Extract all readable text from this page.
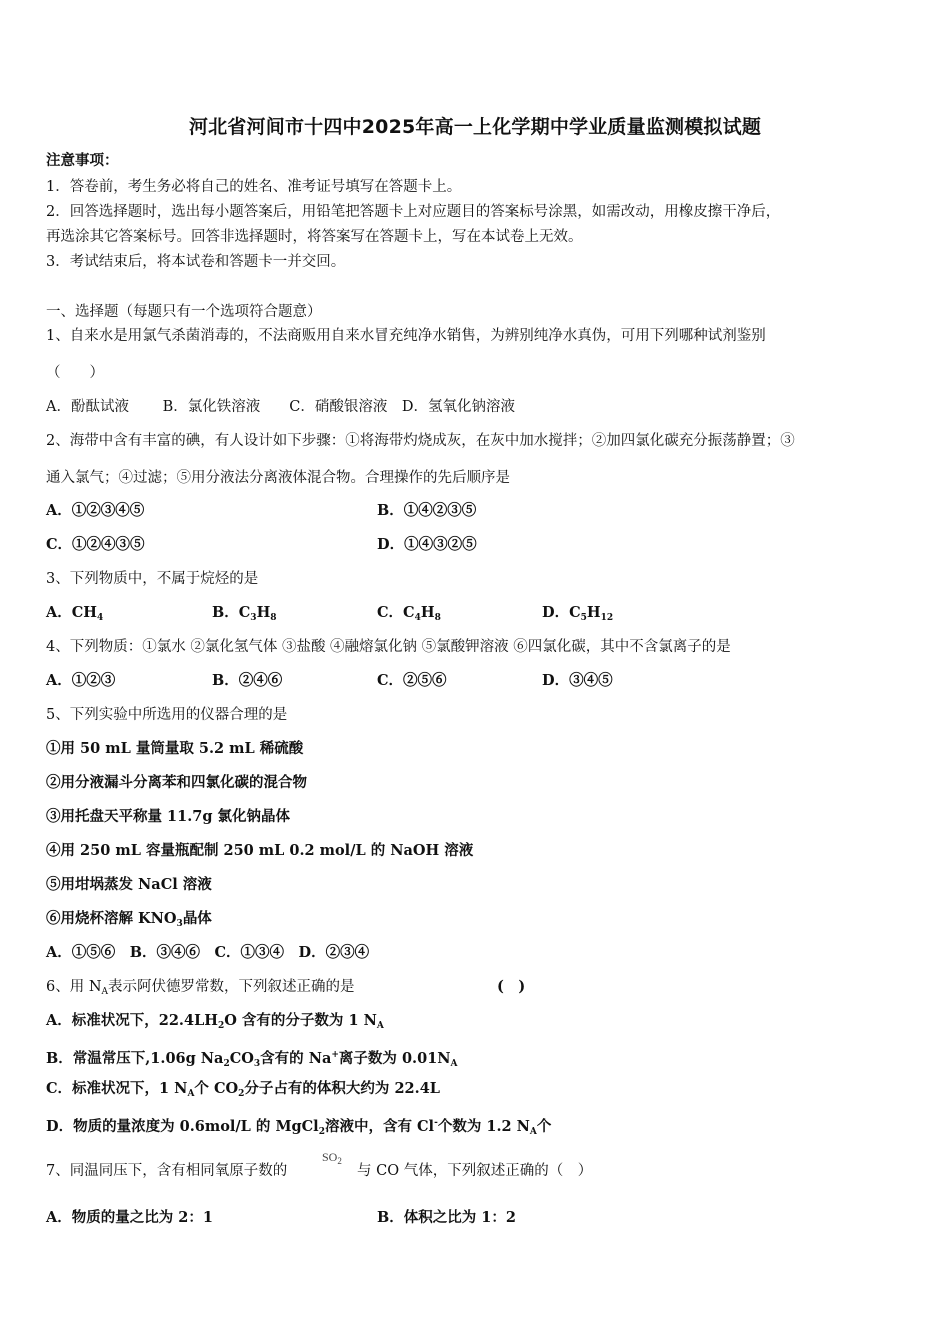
河北省河间市十四中2025年高一上化学期中学业质量监测模拟试题
注意事项：
1．答卷前，考生务必将自己的姓名、准考证号填写在答题卡上。
2．回答选择题时，选出每小题答案后，用铅笔把答题卡上对应题目的答案标号涂黑，如需改动，用橡皮擦干净后，
再选涂其它答案标号。回答非选择题时，将答案写在答题卡上，写在本试卷上无效。
3．考试结束后，将本试卷和答题卡一并交回。
一、选择题（每题只有一个选项符合题意）
1、自来水是用氯气杀菌消毒的，不法商贩用自来水冒充纯净水销售，为辨别纯净水真伪，可用下列哪种试剂鉴别
（　　）
A．酚酞试液　　 B．氯化铁溶液　　C．硝酸银溶液　D．氢氧化钠溶液
2、海带中含有丰富的碘，有人设计如下步骤：①将海带灼烧成灰，在灰中加水搅拌；②加四氯化碳充分振荡静置；③
通入氯气；④过滤；⑤用分液法分离液体混合物。合理操作的先后顺序是
A．①②③④⑤	B．①④②③⑤
C．①②④③⑤	D．①④③②⑤
3、下列物质中，不属于烷烃的是
A．$CH_4$	B．$C_3H_8$	C．$C_4H_8$	D．$C_5H_{12}$
4、下列物质：①氯水 ②氯化氢气体 ③盐酸 ④融熔氯化钠 ⑤氯酸钾溶液 ⑥四氯化碳，其中不含氯离子的是
A．①②③	B．②④⑥	C．②⑤⑥	D．③④⑤
5、下列实验中所选用的仪器合理的是
①用 50 mL 量筒量取 5.2 mL 稀硫酸
②用分液漏斗分离苯和四氯化碳的混合物
③用托盘天平称量 11.7g 氯化钠晶体
④用 250 mL 容量瓶配制 250 mL 0.2 mol/L 的 NaOH 溶液
⑤用坩埚蒸发 NaCl 溶液
⑥用烧杯溶解 $KNO_3$晶体
A．①⑤⑥　B．③④⑥　C．①③④　D．②③④
6、用 $N_A$表示阿伏德罗常数，下列叙述正确的是	(　)
A．标准状况下，$22.4LH_2O$ 含有的分子数为 1 $N_A$
B．常温常压下,1.06g $Na_2CO_3$含有的 Na+离子数为 $0.01N_A$
C．标准状况下，1 $N_A$个 $CO_2$分子占有的体积大约为 22.4L
D．物质的量浓度为 0.6mol/L 的 MgCl$_2$溶液中，含有 Cl-个数为 1.2 $N_A$个
7、同温同压下，含有相同氧原子数的
$SO_2$
与 CO 气体，下列叙述正确的（　）
A．物质的量之比为 2：1	B．体积之比为 1：2
